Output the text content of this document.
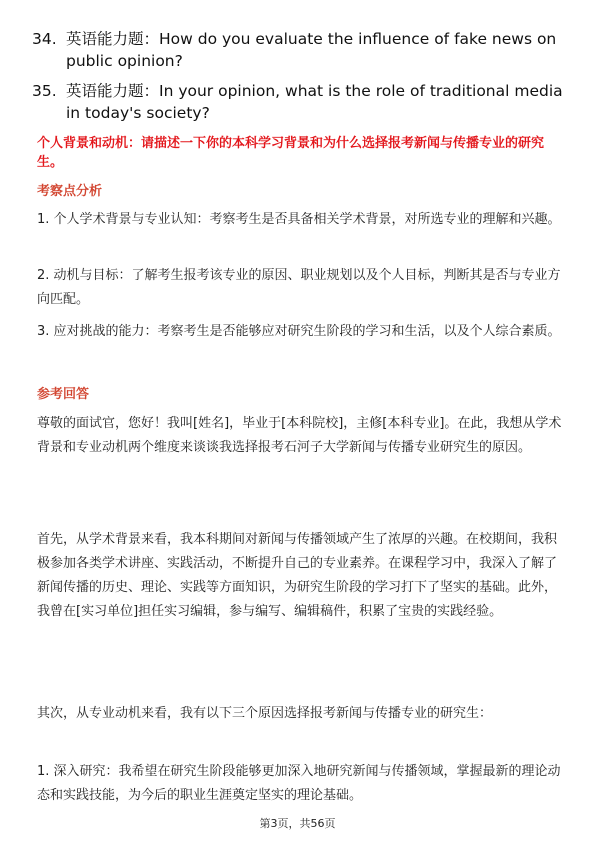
34. 英语能力题：How do you evaluate the influence of fake news on
public opinion?
35. 英语能力题：In your opinion, what is the role of traditional media
in today's society?
个人背景和动机：请描述一下你的本科学习背景和为什么选择报考新闻与传播专业的研究生。
考察点分析
1. 个人学术背景与专业认知：考察考生是否具备相关学术背景，对所选专业的理解和兴趣。
2. 动机与目标：了解考生报考该专业的原因、职业规划以及个人目标，判断其是否与专业方向匹配。
3. 应对挑战的能力：考察考生是否能够应对研究生阶段的学习和生活，以及个人综合素质。
参考回答
尊敬的面试官，您好！我叫[姓名]，毕业于[本科院校]，主修[本科专业]。在此，我想从学术背景和专业动机两个维度来谈谈我选择报考石河子大学新闻与传播专业研究生的原因。
首先，从学术背景来看，我本科期间对新闻与传播领域产生了浓厚的兴趣。在校期间，我积极参加各类学术讲座、实践活动，不断提升自己的专业素养。在课程学习中，我深入了解了新闻传播的历史、理论、实践等方面知识，为研究生阶段的学习打下了坚实的基础。此外，我曾在[实习单位]担任实习编辑，参与编写、编辑稿件，积累了宝贵的实践经验。
其次，从专业动机来看，我有以下三个原因选择报考新闻与传播专业的研究生：
1. 深入研究：我希望在研究生阶段能够更加深入地研究新闻与传播领域，掌握最新的理论动态和实践技能，为今后的职业生涯奠定坚实的理论基础。
第3页，共56页
